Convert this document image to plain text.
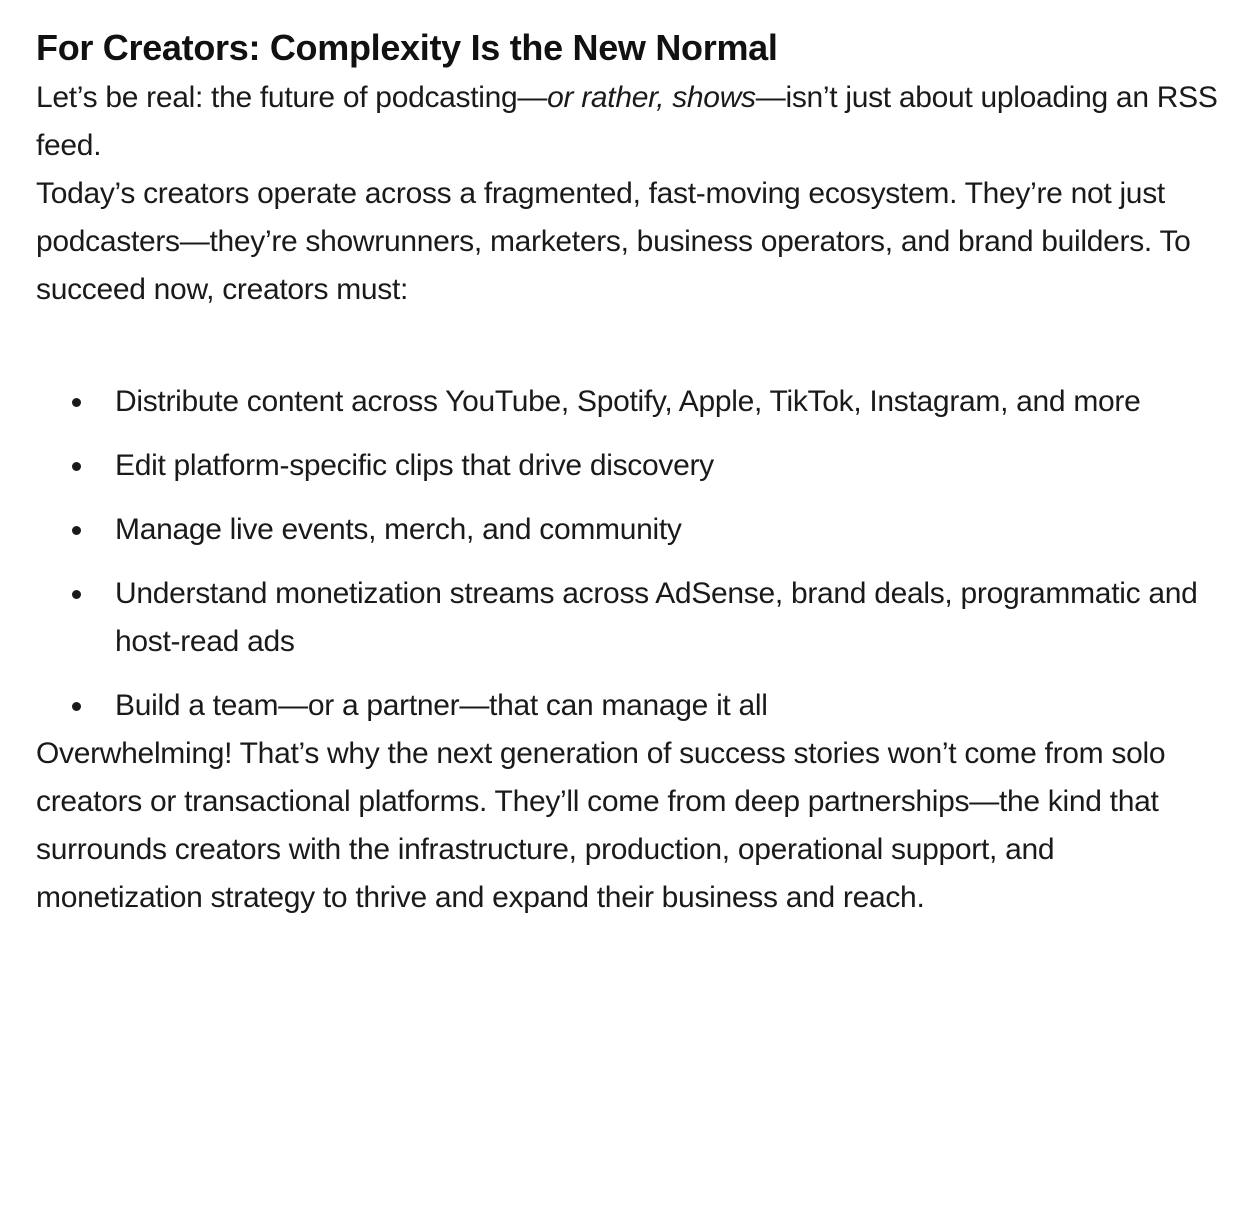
For Creators: Complexity Is the New Normal

Let’s be real: the future of podcasting—or rather, shows—isn’t just about uploading an RSS feed.

Today’s creators operate across a fragmented, fast-moving ecosystem. They’re not just podcasters—they’re showrunners, marketers, business operators, and brand builders. To succeed now, creators must:

Distribute content across YouTube, Spotify, Apple, TikTok, Instagram, and more
Edit platform-specific clips that drive discovery
Manage live events, merch, and community
Understand monetization streams across AdSense, brand deals, programmatic and host-read ads
Build a team—or a partner—that can manage it all

Overwhelming! That’s why the next generation of success stories won’t come from solo creators or transactional platforms. They’ll come from deep partnerships—the kind that surrounds creators with the infrastructure, production, operational support, and monetization strategy to thrive and expand their business and reach.
